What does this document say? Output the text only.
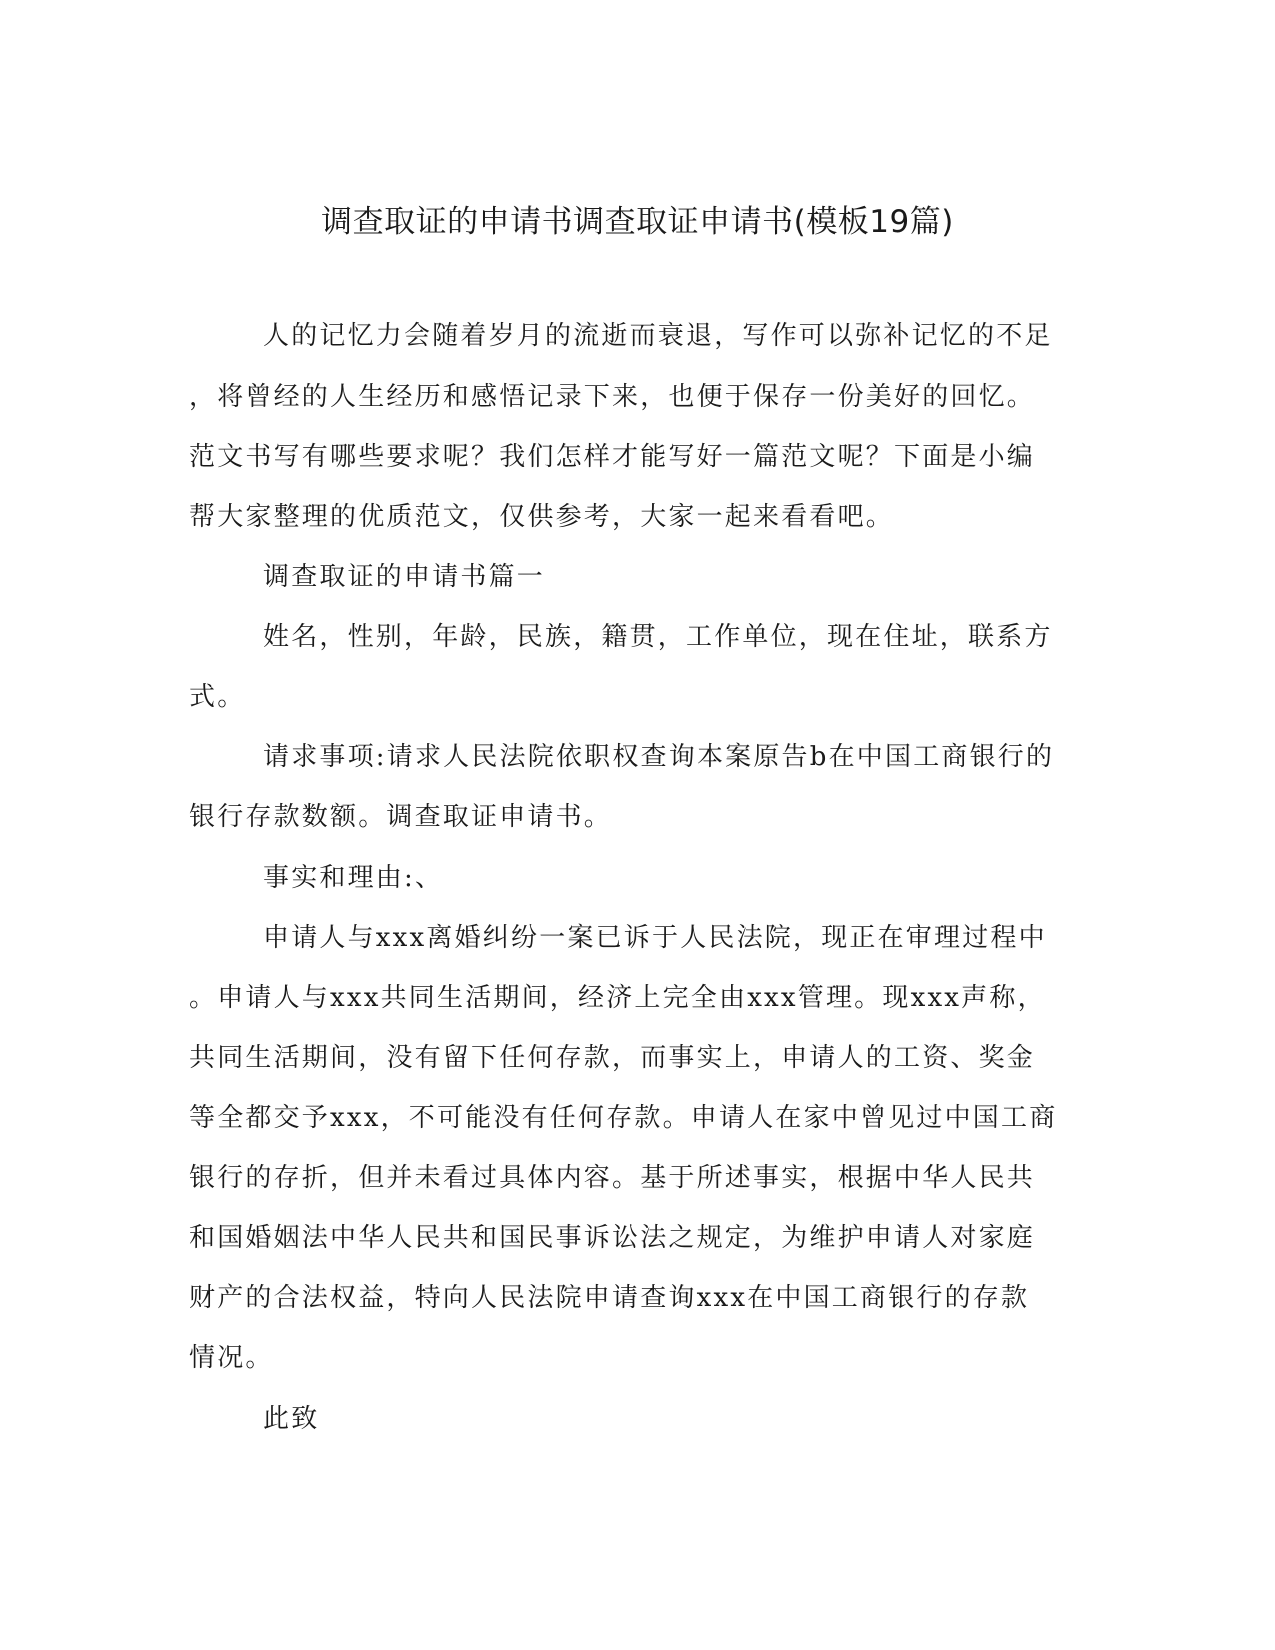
调查取证的申请书调查取证申请书(模板19篇)
人的记忆力会随着岁月的流逝而衰退，写作可以弥补记忆的不足
，将曾经的人生经历和感悟记录下来，也便于保存一份美好的回忆。
范文书写有哪些要求呢？我们怎样才能写好一篇范文呢？下面是小编
帮大家整理的优质范文，仅供参考，大家一起来看看吧。
调查取证的申请书篇一
姓名，性别，年龄，民族，籍贯，工作单位，现在住址，联系方
式。
请求事项:请求人民法院依职权查询本案原告b在中国工商银行的
银行存款数额。调查取证申请书。
事实和理由:、
申请人与xxx离婚纠纷一案已诉于人民法院，现正在审理过程中
。申请人与xxx共同生活期间，经济上完全由xxx管理。现xxx声称，
共同生活期间，没有留下任何存款，而事实上，申请人的工资、奖金
等全都交予xxx，不可能没有任何存款。申请人在家中曾见过中国工商
银行的存折，但并未看过具体内容。基于所述事实，根据中华人民共
和国婚姻法中华人民共和国民事诉讼法之规定，为维护申请人对家庭
财产的合法权益，特向人民法院申请查询xxx在中国工商银行的存款
情况。
此致
